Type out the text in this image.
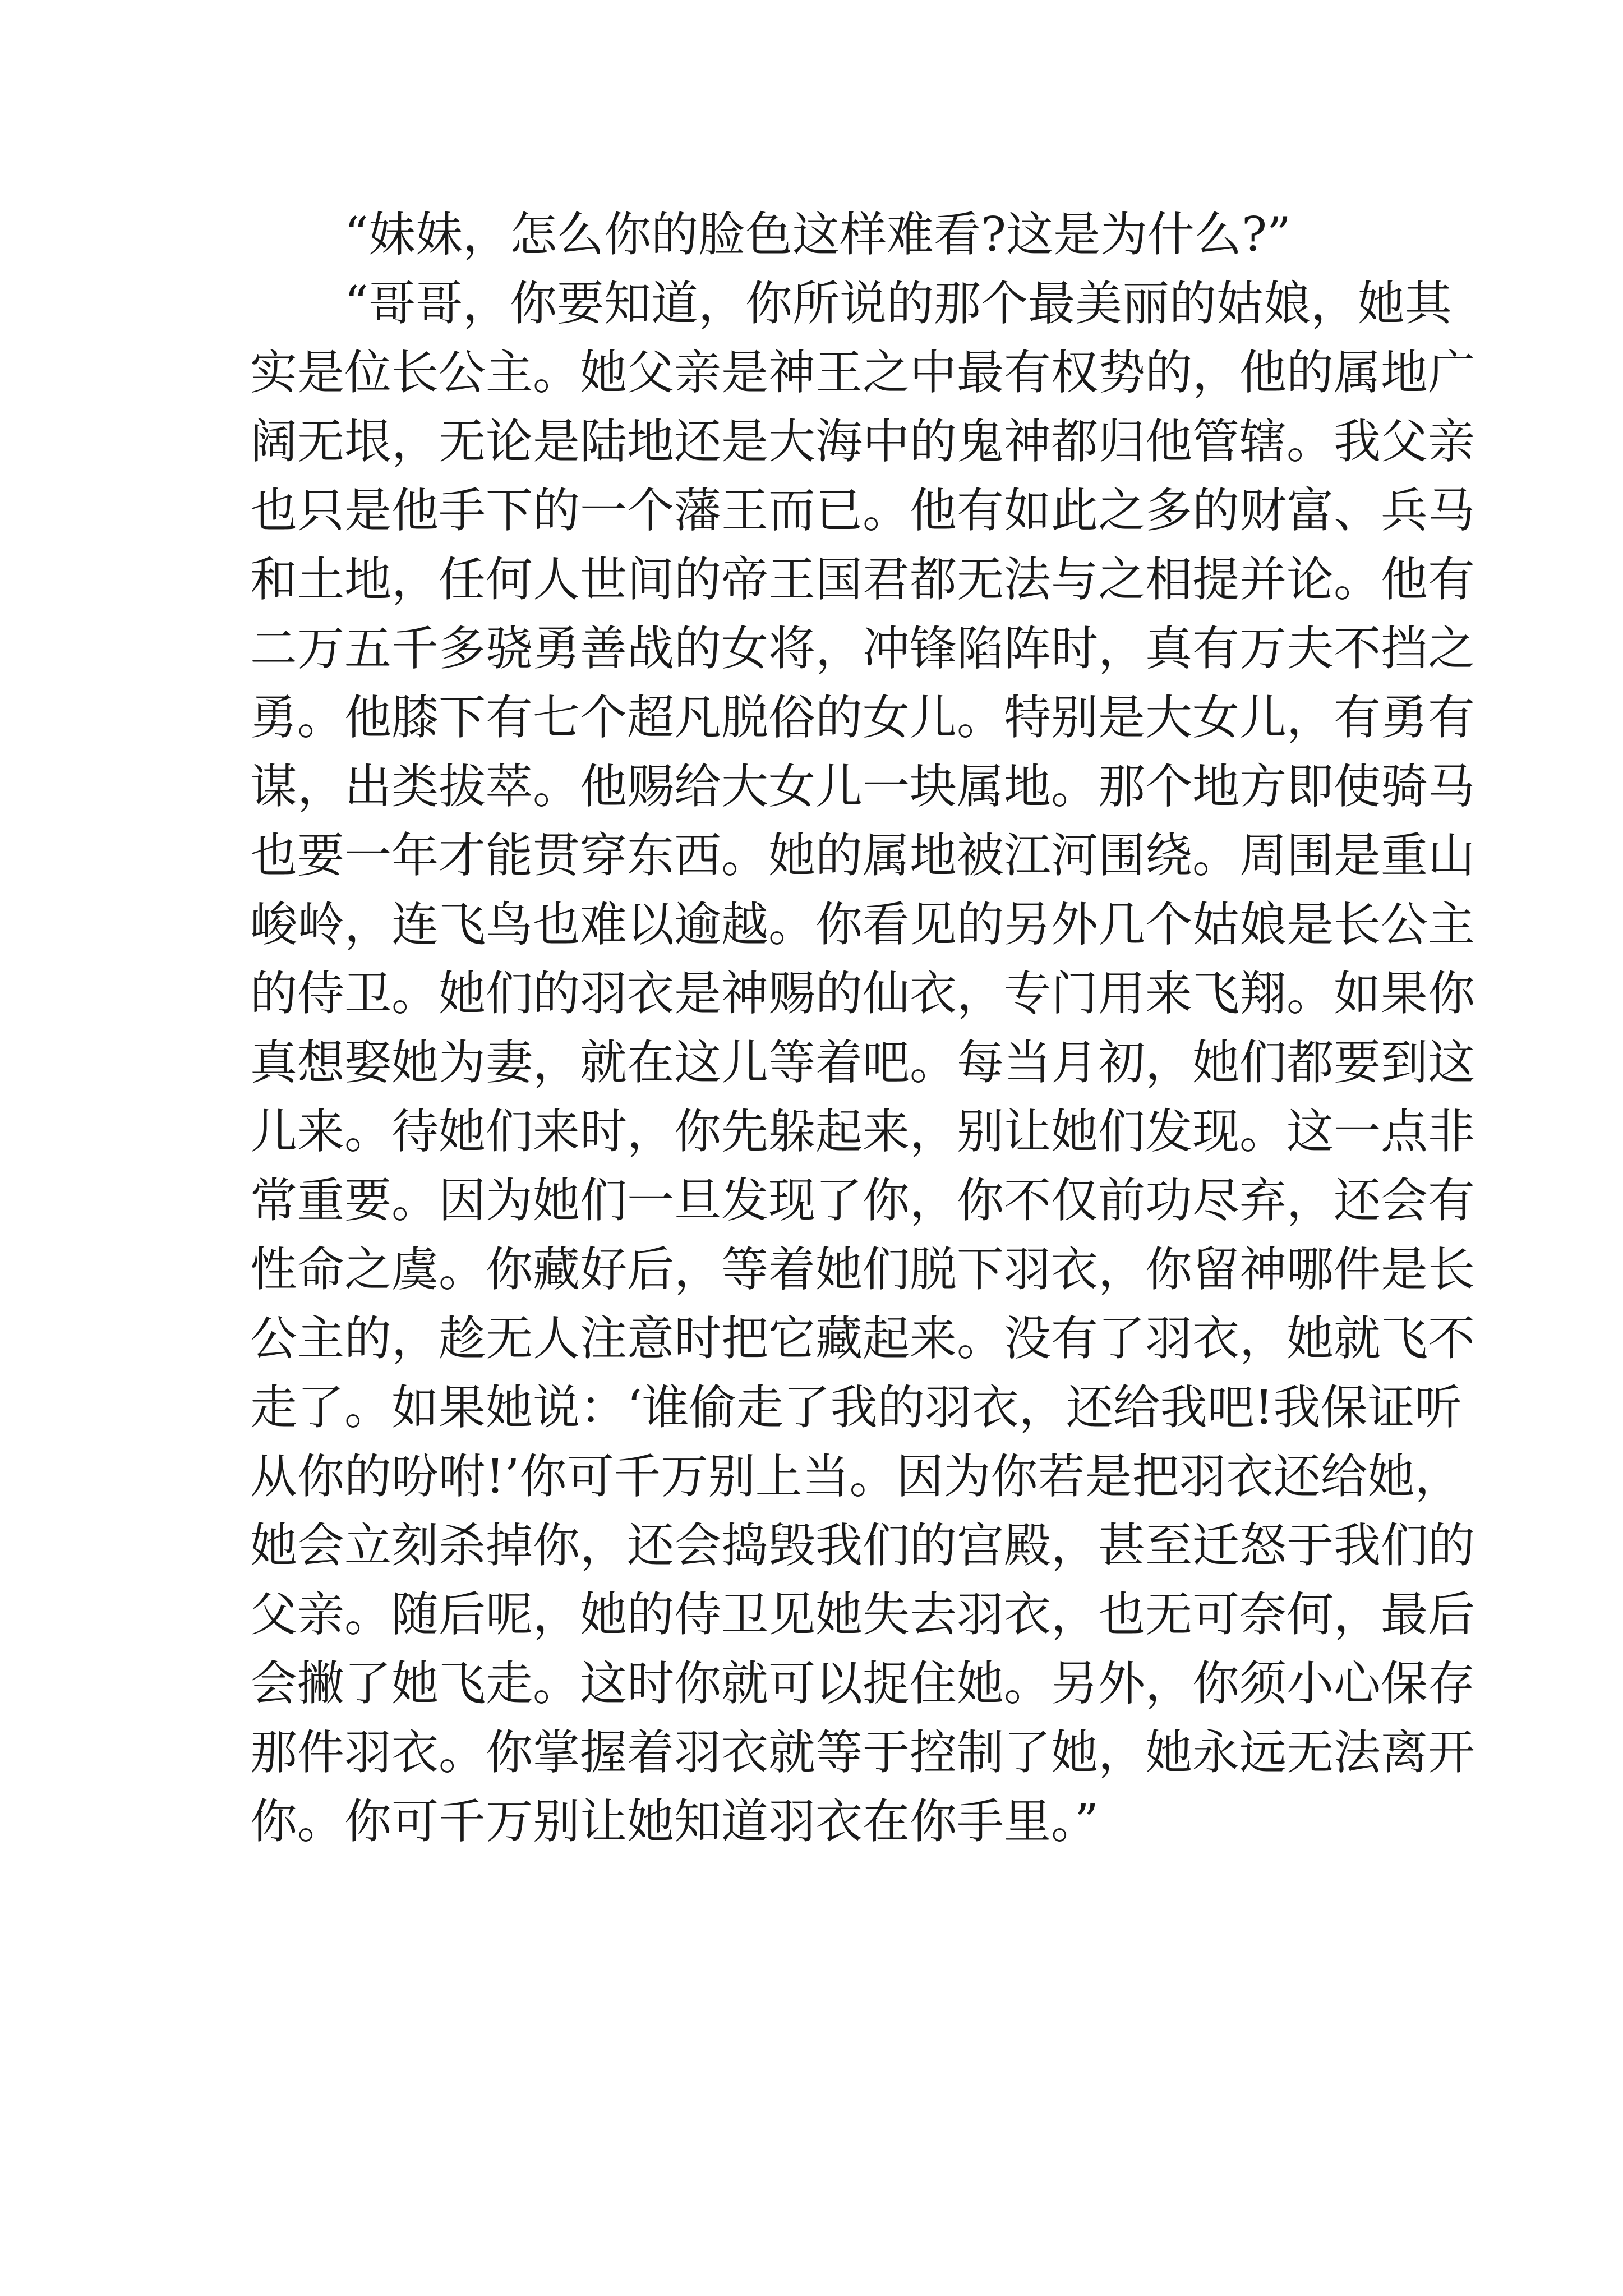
“妹妹，怎么你的脸色这样难看?这是为什么?”
“哥哥，你要知道，你所说的那个最美丽的姑娘，她其
实是位长公主。她父亲是神王之中最有权势的，他的属地广
阔无垠，无论是陆地还是大海中的鬼神都归他管辖。我父亲
也只是他手下的一个藩王而已。他有如此之多的财富、兵马
和土地，任何人世间的帝王国君都无法与之相提并论。他有
二万五千多骁勇善战的女将，冲锋陷阵时，真有万夫不挡之
勇。他膝下有七个超凡脱俗的女儿。特别是大女儿，有勇有
谋，出类拔萃。他赐给大女儿一块属地。那个地方即使骑马
也要一年才能贯穿东西。她的属地被江河围绕。周围是重山
峻岭，连飞鸟也难以逾越。你看见的另外几个姑娘是长公主
的侍卫。她们的羽衣是神赐的仙衣，专门用来飞翔。如果你
真想娶她为妻，就在这儿等着吧。每当月初，她们都要到这
儿来。待她们来时，你先躲起来，别让她们发现。这一点非
常重要。因为她们一旦发现了你，你不仅前功尽弃，还会有
性命之虞。你藏好后，等着她们脱下羽衣，你留神哪件是长
公主的，趁无人注意时把它藏起来。没有了羽衣，她就飞不
走了。如果她说：‘谁偷走了我的羽衣，还给我吧!我保证听
从你的吩咐!’你可千万别上当。因为你若是把羽衣还给她，
她会立刻杀掉你，还会捣毁我们的宫殿，甚至迁怒于我们的
父亲。随后呢，她的侍卫见她失去羽衣，也无可奈何，最后
会撇了她飞走。这时你就可以捉住她。另外，你须小心保存
那件羽衣。你掌握着羽衣就等于控制了她，她永远无法离开
你。你可千万别让她知道羽衣在你手里。”
